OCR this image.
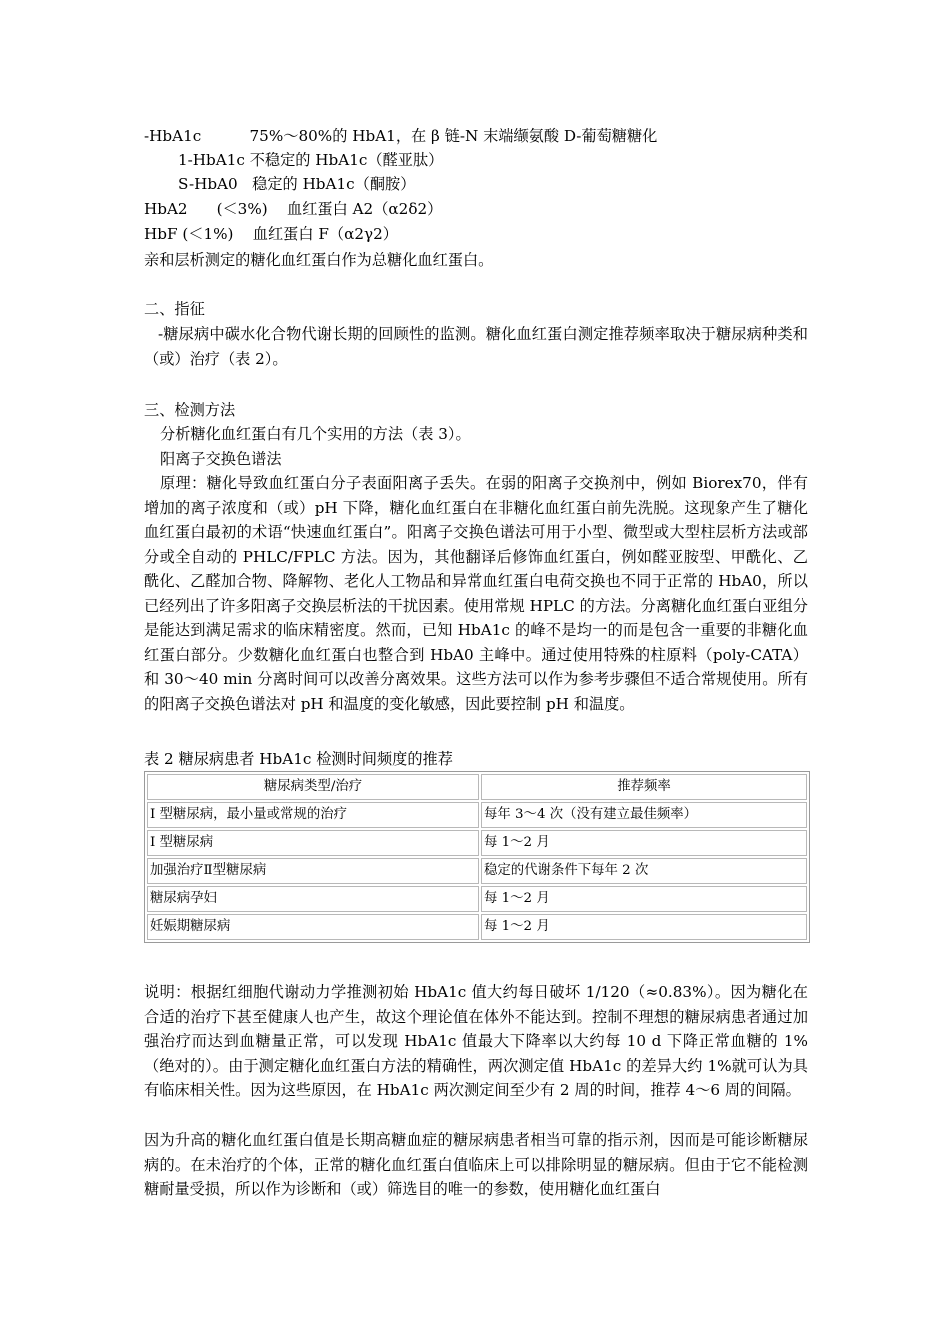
-HbA1c          75%～80%的 HbA1，在 β 链-N 末端缬氨酸 D-葡萄糖糖化
1-HbA1c 不稳定的 HbA1c（醛亚肽）
S-HbA0   稳定的 HbA1c（酮胺）
HbA2      (＜3%)    血红蛋白 A2（α2δ2）
HbF (＜1%)    血红蛋白 F（α2γ2）
亲和层析测定的糖化血红蛋白作为总糖化血红蛋白。
二、指征
-糖尿病中碳水化合物代谢长期的回顾性的监测。糖化血红蛋白测定推荐频率取决于糖尿病种类和（或）治疗（表 2）。
三、检测方法
分析糖化血红蛋白有几个实用的方法（表 3）。
阳离子交换色谱法
原理：糖化导致血红蛋白分子表面阳离子丢失。在弱的阳离子交换剂中，例如 Biorex70，伴有增加的离子浓度和（或）pH 下降，糖化血红蛋白在非糖化血红蛋白前先洗脱。这现象产生了糖化血红蛋白最初的术语“快速血红蛋白”。阳离子交换色谱法可用于小型、微型或大型柱层析方法或部分或全自动的 PHLC/FPLC 方法。因为，其他翻译后修饰血红蛋白，例如醛亚胺型、甲酰化、乙酰化、乙醛加合物、降解物、老化人工物品和异常血红蛋白电荷交换也不同于正常的 HbA0，所以已经列出了许多阳离子交换层析法的干扰因素。使用常规 HPLC 的方法。分离糖化血红蛋白亚组分是能达到满足需求的临床精密度。然而，已知 HbA1c 的峰不是均一的而是包含一重要的非糖化血红蛋白部分。少数糖化血红蛋白也整合到 HbA0 主峰中。通过使用特殊的柱原料（poly-CATA）和 30～40 min 分离时间可以改善分离效果。这些方法可以作为参考步骤但不适合常规使用。所有的阳离子交换色谱法对 pH 和温度的变化敏感，因此要控制 pH 和温度。
表 2 糖尿病患者 HbA1c 检测时间频度的推荐
糖尿病类型/治疗	推荐频率
Ⅰ 型糖尿病，最小量或常规的治疗	每年 3～4 次（没有建立最佳频率）
Ⅰ 型糖尿病	每 1～2 月
加强治疗Ⅱ型糖尿病	稳定的代谢条件下每年 2 次
糖尿病孕妇	每 1～2 月
妊娠期糖尿病	每 1～2 月
说明：根据红细胞代谢动力学推测初始 HbA1c 值大约每日破坏 1/120（≈0.83%）。因为糖化在合适的治疗下甚至健康人也产生，故这个理论值在体外不能达到。控制不理想的糖尿病患者通过加强治疗而达到血糖量正常，可以发现 HbA1c 值最大下降率以大约每 10 d 下降正常血糖的 1%（绝对的）。由于测定糖化血红蛋白方法的精确性，两次测定值 HbA1c 的差异大约 1%就可认为具有临床相关性。因为这些原因，在 HbA1c 两次测定间至少有 2 周的时间，推荐 4～6 周的间隔。
因为升高的糖化血红蛋白值是长期高糖血症的糖尿病患者相当可靠的指示剂，因而是可能诊断糖尿病的。在未治疗的个体，正常的糖化血红蛋白值临床上可以排除明显的糖尿病。但由于它不能检测糖耐量受损，所以作为诊断和（或）筛选目的唯一的参数，使用糖化血红蛋白
